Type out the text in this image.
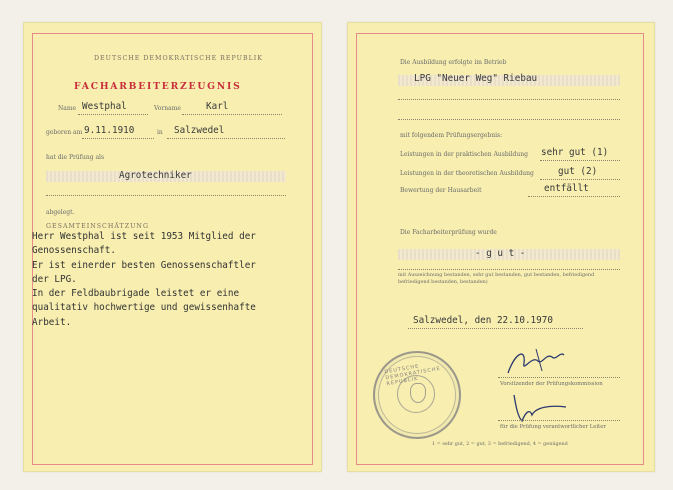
DEUTSCHE DEMOKRATISCHE REPUBLIK
FACHARBEITERZEUGNIS
Name Westphal	Vorname	Karl
geboren am 9.11.1910	in Salzwedel
hat die Prüfung als
Agrotechniker
abgelegt.
GESAMTEINSCHÄTZUNG
Herr Westphal ist seit 1953 Mitglied der
Genossenschaft.
Er ist einerder besten Genossenschaftler
der LPG.
In der Feldbaubrigade leistet er eine
qualitativ hochwertige und gewissenhafte
Arbeit.
Die Ausbildung erfolgte im Betrieb
LPG "Neuer Weg" Riebau
mit folgendem Prüfungsergebnis:
Leistungen in der praktischen Ausbildung sehr gut (1)
Leistungen in der theoretischen Ausbildung	gut (2)
Bewertung der Hausarbeit	entfällt
Die Facharbeiterprüfung wurde
- g u t -
mit Auszeichnung bestanden, sehr gut bestanden, gut bestanden, befriedigend
befriedigend bestanden, bestanden)
Salzwedel, den 22.10.1970
Vorsitzender der Prüfungskommission
für die Prüfung verantwortlicher Leiter
1 = sehr gut, 2 = gut, 3 = befriedigend, 4 = genügend
DEUTSCHE DEMOKRATISCHE REPUBLIK
